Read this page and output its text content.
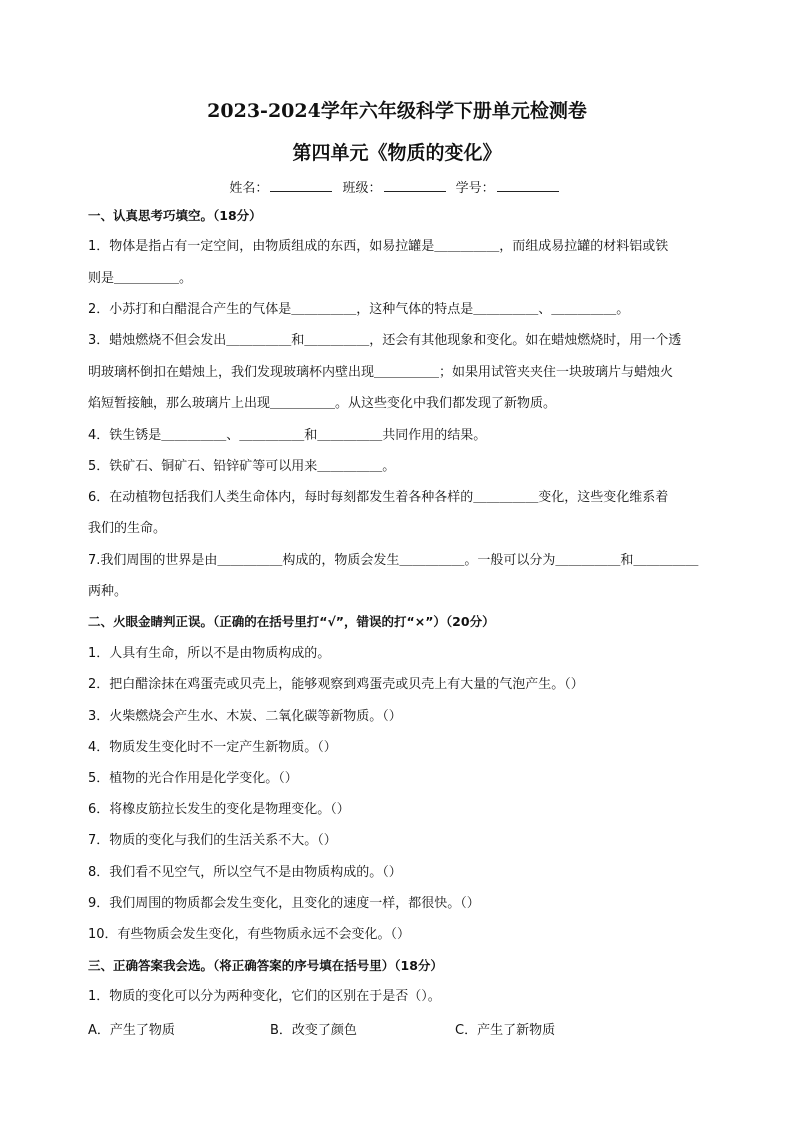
2023-2024学年六年级科学下册单元检测卷
第四单元《物质的变化》
姓名：	班级：	学号：
一、认真思考巧填空。（18分）
1．物体是指占有一定空间，由物质组成的东西，如易拉罐是＿＿＿＿＿，而组成易拉罐的材料铝或铁
则是＿＿＿＿＿。
2．小苏打和白醋混合产生的气体是＿＿＿＿＿，这种气体的特点是＿＿＿＿＿、＿＿＿＿＿。
3．蜡烛燃烧不但会发出＿＿＿＿＿和＿＿＿＿＿，还会有其他现象和变化。如在蜡烛燃烧时，用一个透
明玻璃杯倒扣在蜡烛上，我们发现玻璃杯内壁出现＿＿＿＿＿；如果用试管夹夹住一块玻璃片与蜡烛火
焰短暂接触，那么玻璃片上出现＿＿＿＿＿。从这些变化中我们都发现了新物质。
4．铁生锈是＿＿＿＿＿、＿＿＿＿＿和＿＿＿＿＿共同作用的结果。
5．铁矿石、铜矿石、铅锌矿等可以用来＿＿＿＿＿。
6．在动植物包括我们人类生命体内，每时每刻都发生着各种各样的＿＿＿＿＿变化，这些变化维系着
我们的生命。
7.我们周围的世界是由＿＿＿＿＿构成的，物质会发生＿＿＿＿＿。一般可以分为＿＿＿＿＿和＿＿＿＿＿
两种。
二、火眼金睛判正误。（正确的在括号里打“√”，错误的打“×”）（20分）
1．人具有生命，所以不是由物质构成的。
2．把白醋涂抹在鸡蛋壳或贝壳上，能够观察到鸡蛋壳或贝壳上有大量的气泡产生。（）
3．火柴燃烧会产生水、木炭、二氧化碳等新物质。（）
4．物质发生变化时不一定产生新物质。（）
5．植物的光合作用是化学变化。（）
6．将橡皮筋拉长发生的变化是物理变化。（）
7．物质的变化与我们的生活关系不大。（）
8．我们看不见空气，所以空气不是由物质构成的。（）
9．我们周围的物质都会发生变化，且变化的速度一样，都很快。（）
10．有些物质会发生变化，有些物质永远不会变化。（）
三、正确答案我会选。（将正确答案的序号填在括号里）（18分）
1．物质的变化可以分为两种变化，它们的区别在于是否（）。
A．产生了物质	B．改变了颜色	C．产生了新物质
